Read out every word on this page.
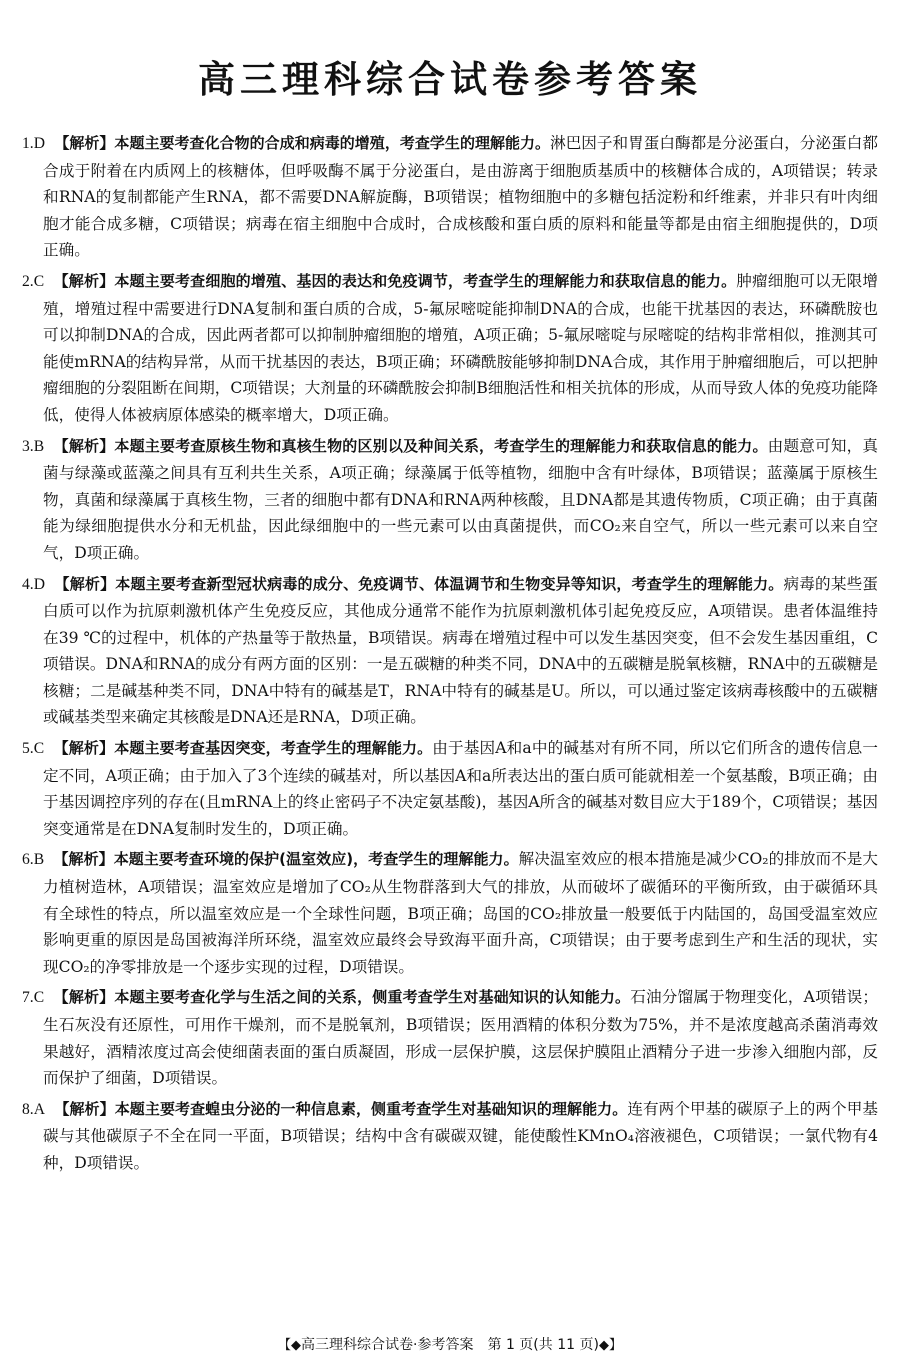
高三理科综合试卷参考答案
1.D 【解析】本题主要考查化合物的合成和病毒的增殖，考查学生的理解能力。淋巴因子和胃蛋白酶都是分泌蛋白，分泌蛋白都合成于附着在内质网上的核糖体，但呼吸酶不属于分泌蛋白，是由游离于细胞质基质中的核糖体合成的，A项错误；转录和RNA的复制都能产生RNA，都不需要DNA解旋酶，B项错误；植物细胞中的多糖包括淀粉和纤维素，并非只有叶肉细胞才能合成多糖，C项错误；病毒在宿主细胞中合成时，合成核酸和蛋白质的原料和能量等都是由宿主细胞提供的，D项正确。
2.C 【解析】本题主要考查细胞的增殖、基因的表达和免疫调节，考查学生的理解能力和获取信息的能力。肿瘤细胞可以无限增殖，增殖过程中需要进行DNA复制和蛋白质的合成，5-氟尿嘧啶能抑制DNA的合成，也能干扰基因的表达，环磷酰胺也可以抑制DNA的合成，因此两者都可以抑制肿瘤细胞的增殖，A项正确；5-氟尿嘧啶与尿嘧啶的结构非常相似，推测其可能使mRNA的结构异常，从而干扰基因的表达，B项正确；环磷酰胺能够抑制DNA合成，其作用于肿瘤细胞后，可以把肿瘤细胞的分裂阻断在间期，C项错误；大剂量的环磷酰胺会抑制B细胞活性和相关抗体的形成，从而导致人体的免疫功能降低，使得人体被病原体感染的概率增大，D项正确。
3.B 【解析】本题主要考查原核生物和真核生物的区别以及种间关系，考查学生的理解能力和获取信息的能力。由题意可知，真菌与绿藻或蓝藻之间具有互利共生关系，A项正确；绿藻属于低等植物，细胞中含有叶绿体，B项错误；蓝藻属于原核生物，真菌和绿藻属于真核生物，三者的细胞中都有DNA和RNA两种核酸，且DNA都是其遗传物质，C项正确；由于真菌能为绿细胞提供水分和无机盐，因此绿细胞中的一些元素可以由真菌提供，而CO₂来自空气，所以一些元素可以来自空气，D项正确。
4.D 【解析】本题主要考查新型冠状病毒的成分、免疫调节、体温调节和生物变异等知识，考查学生的理解能力。病毒的某些蛋白质可以作为抗原刺激机体产生免疫反应，其他成分通常不能作为抗原刺激机体引起免疫反应，A项错误。患者体温维持在39 ℃的过程中，机体的产热量等于散热量，B项错误。病毒在增殖过程中可以发生基因突变，但不会发生基因重组，C项错误。DNA和RNA的成分有两方面的区别：一是五碳糖的种类不同，DNA中的五碳糖是脱氧核糖，RNA中的五碳糖是核糖；二是碱基种类不同，DNA中特有的碱基是T，RNA中特有的碱基是U。所以，可以通过鉴定该病毒核酸中的五碳糖或碱基类型来确定其核酸是DNA还是RNA，D项正确。
5.C 【解析】本题主要考查基因突变，考查学生的理解能力。由于基因A和a中的碱基对有所不同，所以它们所含的遗传信息一定不同，A项正确；由于加入了3个连续的碱基对，所以基因A和a所表达出的蛋白质可能就相差一个氨基酸，B项正确；由于基因调控序列的存在(且mRNA上的终止密码子不决定氨基酸)，基因A所含的碱基对数目应大于189个，C项错误；基因突变通常是在DNA复制时发生的，D项正确。
6.B 【解析】本题主要考查环境的保护(温室效应)，考查学生的理解能力。解决温室效应的根本措施是减少CO₂的排放而不是大力植树造林，A项错误；温室效应是增加了CO₂从生物群落到大气的排放，从而破坏了碳循环的平衡所致，由于碳循环具有全球性的特点，所以温室效应是一个全球性问题，B项正确；岛国的CO₂排放量一般要低于内陆国的，岛国受温室效应影响更重的原因是岛国被海洋所环绕，温室效应最终会导致海平面升高，C项错误；由于要考虑到生产和生活的现状，实现CO₂的净零排放是一个逐步实现的过程，D项错误。
7.C 【解析】本题主要考查化学与生活之间的关系，侧重考查学生对基础知识的认知能力。石油分馏属于物理变化，A项错误；生石灰没有还原性，可用作干燥剂，而不是脱氧剂，B项错误；医用酒精的体积分数为75%，并不是浓度越高杀菌消毒效果越好，酒精浓度过高会使细菌表面的蛋白质凝固，形成一层保护膜，这层保护膜阻止酒精分子进一步渗入细胞内部，反而保护了细菌，D项错误。
8.A 【解析】本题主要考查蝗虫分泌的一种信息素，侧重考查学生对基础知识的理解能力。连有两个甲基的碳原子上的两个甲基碳与其他碳原子不全在同一平面，B项错误；结构中含有碳碳双键，能使酸性KMnO₄溶液褪色，C项错误；一氯代物有4种，D项错误。
【◆高三理科综合试卷·参考答案　第 1 页(共 11 页)◆】
